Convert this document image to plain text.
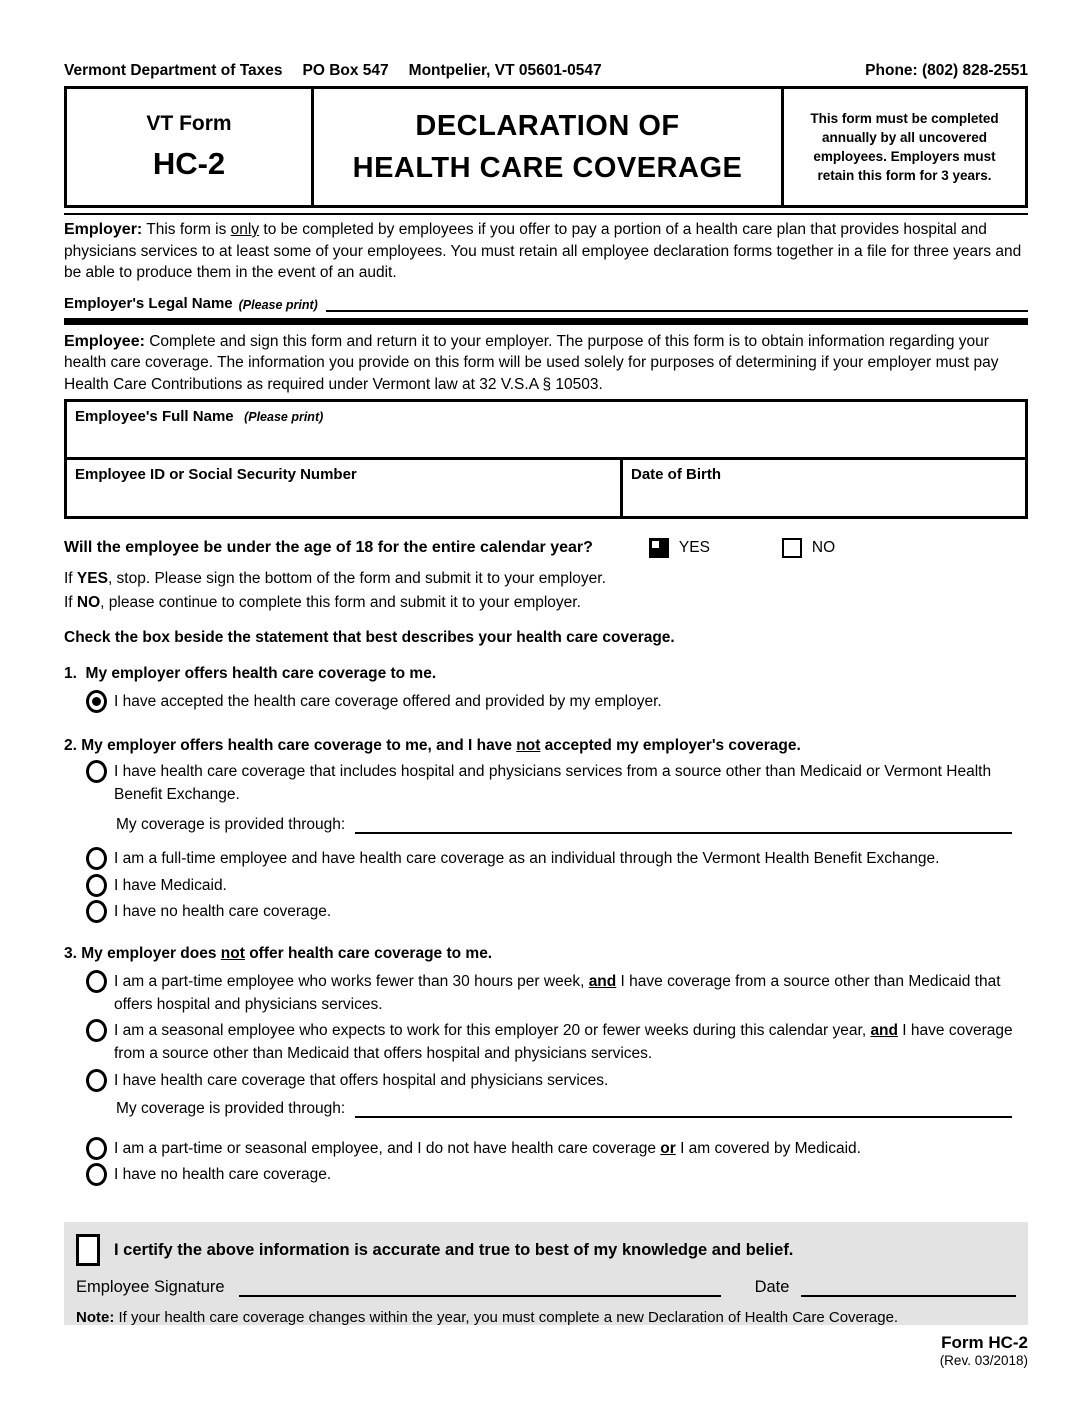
Vermont Department of Taxes PO Box 547 Montpelier, VT 05601-0547	Phone: (802) 828-2551
VT Form
HC-2
DECLARATION OF
HEALTH CARE COVERAGE
This form must be completed annually by all uncovered employees. Employers must retain this form for 3 years.

Employer: This form is only to be completed by employees if you offer to pay a portion of a health care plan that provides hospital and physicians services to at least some of your employees. You must retain all employee declaration forms together in a file for three years and be able to produce them in the event of an audit.

Employer's Legal Name (Please print)

Employee: Complete and sign this form and return it to your employer. The purpose of this form is to obtain information regarding your health care coverage. The information you provide on this form will be used solely for purposes of determining if your employer must pay Health Care Contributions as required under Vermont law at 32 V.S.A § 10503.

Employee's Full Name (Please print)
Employee ID or Social Security Number	Date of Birth
Will the employee be under the age of 18 for the entire calendar year?	YES	NO
If YES, stop. Please sign the bottom of the form and submit it to your employer.
If NO, please continue to complete this form and submit it to your employer.

Check the box beside the statement that best describes your health care coverage.

1.  My employer offers health care coverage to me.
I have accepted the health care coverage offered and provided by my employer.
2. My employer offers health care coverage to me, and I have not accepted my employer's coverage.
I have health care coverage that includes hospital and physicians services from a source other than Medicaid or Vermont Health Benefit Exchange.
My coverage is provided through:
I am a full-time employee and have health care coverage as an individual through the Vermont Health Benefit Exchange.
I have Medicaid.
I have no health care coverage.
3. My employer does not offer health care coverage to me.
I am a part-time employee who works fewer than 30 hours per week, and I have coverage from a source other than Medicaid that offers hospital and physicians services.
I am a seasonal employee who expects to work for this employer 20 or fewer weeks during this calendar year, and I have coverage from a source other than Medicaid that offers hospital and physicians services.
I have health care coverage that offers hospital and physicians services.
My coverage is provided through:
I am a part-time or seasonal employee, and I do not have health care coverage or I am covered by Medicaid.
I have no health care coverage.
I certify the above information is accurate and true to best of my knowledge and belief.
Employee Signature	Date
Note: If your health care coverage changes within the year, you must complete a new Declaration of Health Care Coverage.
Form HC-2
(Rev. 03/2018)
